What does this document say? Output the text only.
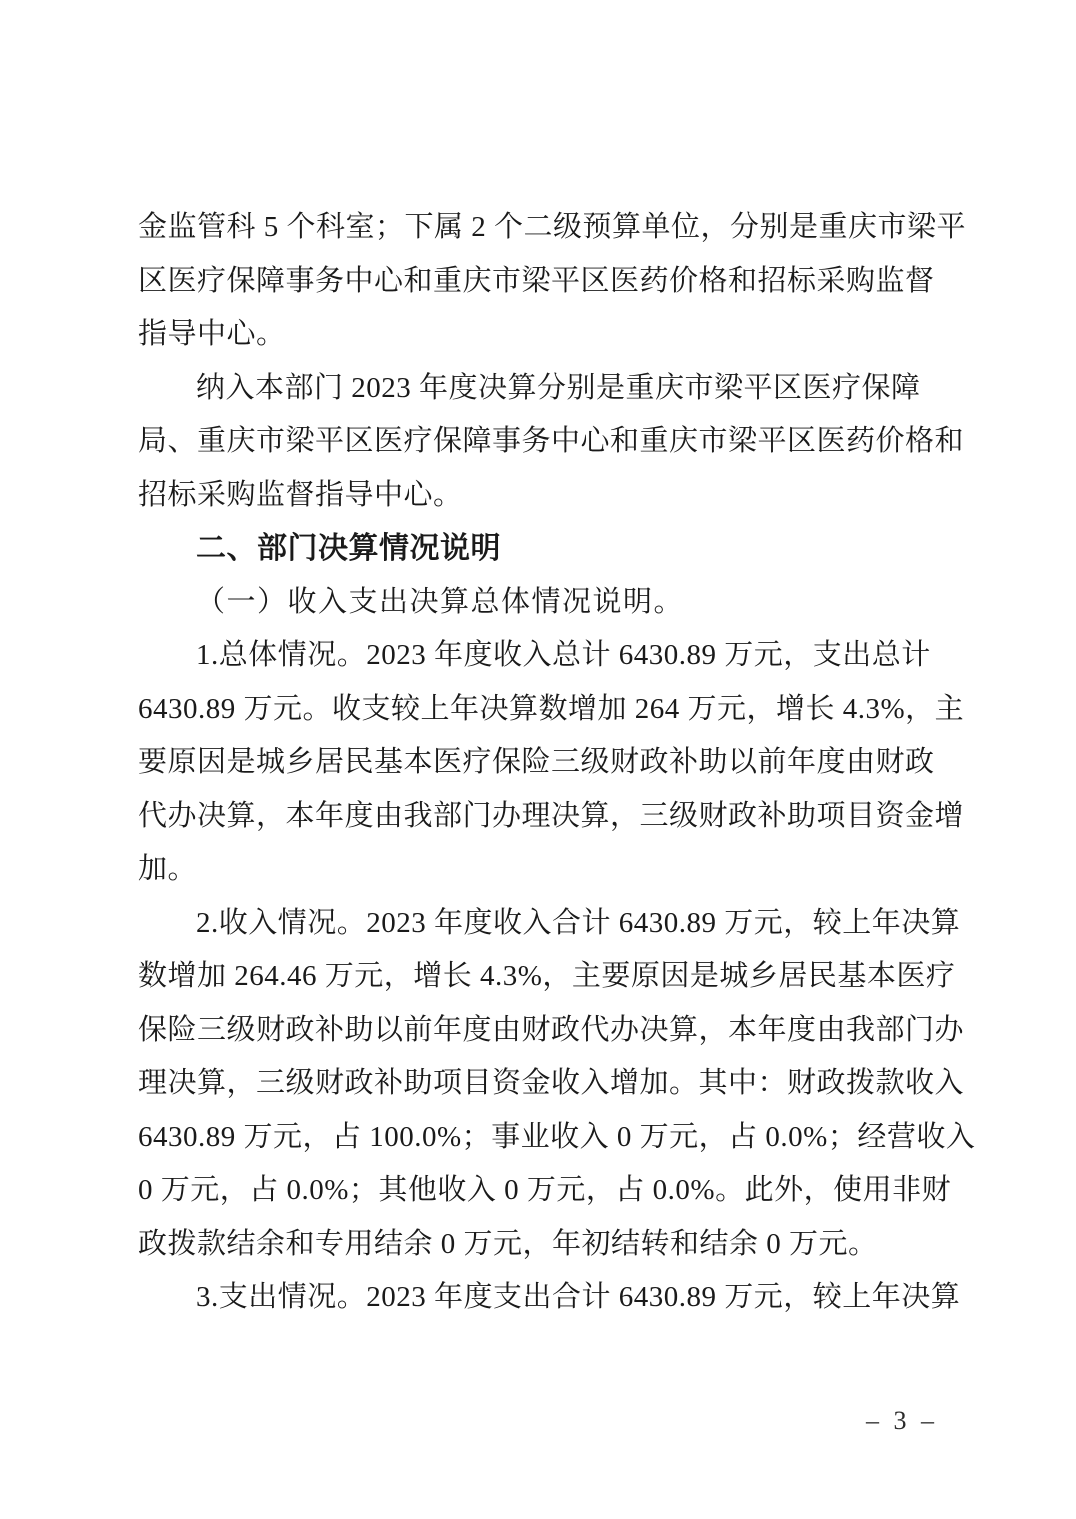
金监管科 5 个科室；下属 2 个二级预算单位，分别是重庆市梁平
区医疗保障事务中心和重庆市梁平区医药价格和招标采购监督
指导中心。
纳入本部门 2023 年度决算分别是重庆市梁平区医疗保障
局、重庆市梁平区医疗保障事务中心和重庆市梁平区医药价格和
招标采购监督指导中心。
二、部门决算情况说明
（一）收入支出决算总体情况说明。
1.总体情况。2023 年度收入总计 6430.89 万元，支出总计
6430.89 万元。收支较上年决算数增加 264 万元，增长 4.3%，主
要原因是城乡居民基本医疗保险三级财政补助以前年度由财政
代办决算，本年度由我部门办理决算，三级财政补助项目资金增
加。
2.收入情况。2023 年度收入合计 6430.89 万元，较上年决算
数增加 264.46 万元，增长 4.3%，主要原因是城乡居民基本医疗
保险三级财政补助以前年度由财政代办决算，本年度由我部门办
理决算，三级财政补助项目资金收入增加。其中：财政拨款收入
6430.89 万元，占 100.0%；事业收入 0 万元，占 0.0%；经营收入
0 万元，占 0.0%；其他收入 0 万元，占 0.0%。此外，使用非财
政拨款结余和专用结余 0 万元，年初结转和结余 0 万元。
3.支出情况。2023 年度支出合计 6430.89 万元，较上年决算
– 3 –
